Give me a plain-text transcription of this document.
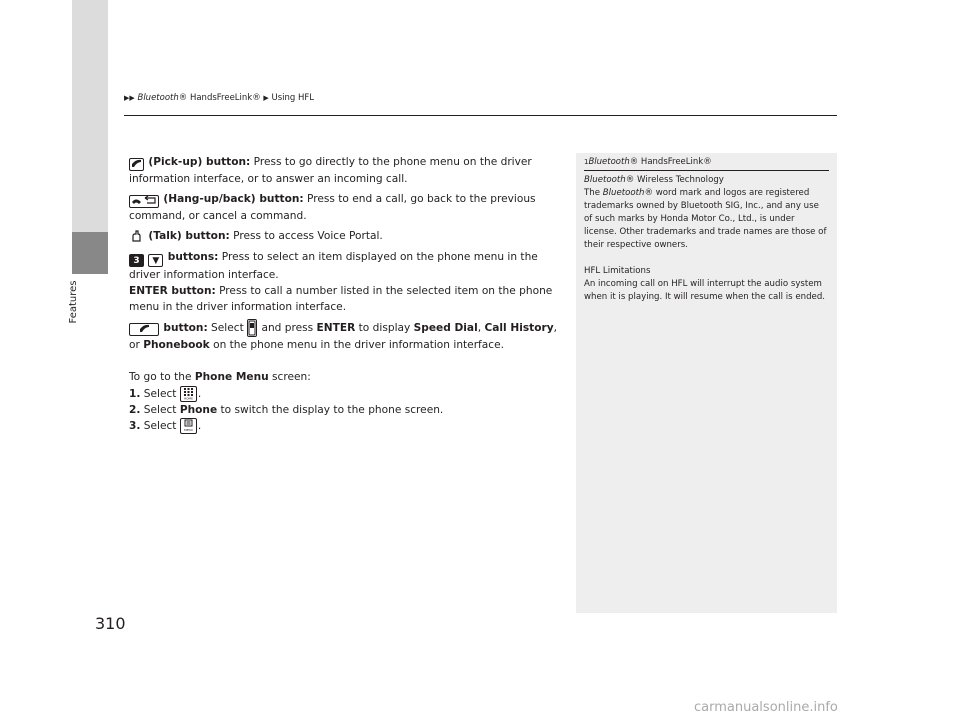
Features
▶▶ Bluetooth® HandsFreeLink® ▶ Using HFL

(Pick-up) button: Press to go directly to the phone menu on the driver information interface, or to answer an incoming call.

(Hang-up/back) button: Press to end a call, go back to the previous command, or cancel a command.

(Talk) button: Press to access Voice Portal.

3 ▼ buttons: Press to select an item displayed on the phone menu in the driver information interface.

ENTER button: Press to call a number listed in the selected item on the phone menu in the driver information interface.

button: Select  and press ENTER to display Speed Dial, Call History, or Phonebook on the phone menu in the driver information interface.

To go to the Phone Menu screen:

1. Select HOME .

2. Select Phone to switch the display to the phone screen.

3. Select MENU .

1Bluetooth® HandsFreeLink®

Bluetooth® Wireless Technology

The Bluetooth® word mark and logos are registered trademarks owned by Bluetooth SIG, Inc., and any use of such marks by Honda Motor Co., Ltd., is under license. Other trademarks and trade names are those of their respective owners.

HFL Limitations

An incoming call on HFL will interrupt the audio system when it is playing. It will resume when the call is ended.

310
carmanualsonline.info
